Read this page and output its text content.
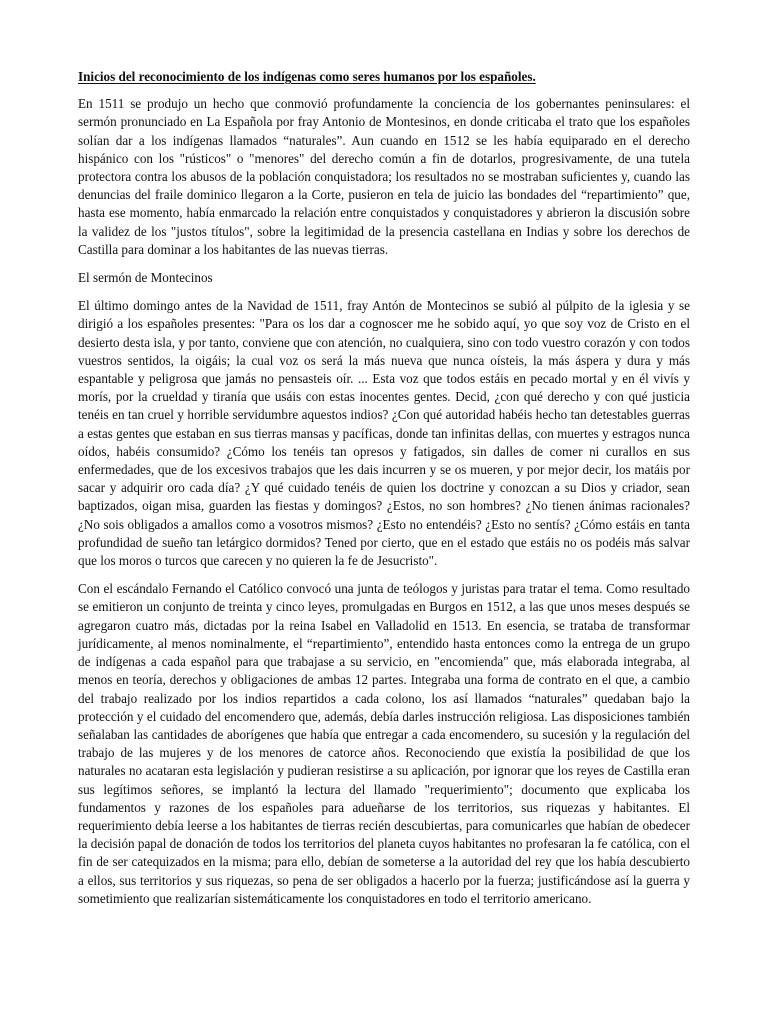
Inicios del reconocimiento de los indígenas como seres humanos por los españoles.

En 1511 se produjo un hecho que conmovió profundamente la conciencia de los gobernantes peninsulares: el sermón pronunciado en La Española por fray Antonio de Montesinos, en donde criticaba el trato que los españoles solían dar a los indígenas llamados “naturales”. Aun cuando en 1512 se les había equiparado en el derecho hispánico con los "rústicos" o "menores" del derecho común a fin de dotarlos, progresivamente, de una tutela protectora contra los abusos de la población conquistadora; los resultados no se mostraban suficientes y, cuando las denuncias del fraile dominico llegaron a la Corte, pusieron en tela de juicio las bondades del “repartimiento” que, hasta ese momento, había enmarcado la relación entre conquistados y conquistadores y abrieron la discusión sobre la validez de los "justos títulos", sobre la legitimidad de la presencia castellana en Indias y sobre los derechos de Castilla para dominar a los habitantes de las nuevas tierras.

El sermón de Montecinos

El último domingo antes de la Navidad de 1511, fray Antón de Montecinos se subió al púlpito de la iglesia y se dirigió a los españoles presentes: "Para os los dar a cognoscer me he sobido aquí, yo que soy voz de Cristo en el desierto desta isla, y por tanto, conviene que con atención, no cualquiera, sino con todo vuestro corazón y con todos vuestros sentidos, la oigáis; la cual voz os será la más nueva que nunca oísteis, la más áspera y dura y más espantable y peligrosa que jamás no pensasteis oír. ... Esta voz que todos estáis en pecado mortal y en él vivís y morís, por la crueldad y tiranía que usáis con estas inocentes gentes. Decid, ¿con qué derecho y con qué justicia tenéis en tan cruel y horrible servidumbre aquestos indios? ¿Con qué autoridad habéis hecho tan detestables guerras a estas gentes que estaban en sus tierras mansas y pacíficas, donde tan infinitas dellas, con muertes y estragos nunca oídos, habéis consumido? ¿Cómo los tenéis tan opresos y fatigados, sin dalles de comer ni curallos en sus enfermedades, que de los excesivos trabajos que les dais incurren y se os mueren, y por mejor decir, los matáis por sacar y adquirir oro cada día? ¿Y qué cuidado tenéis de quien los doctrine y conozcan a su Dios y criador, sean baptizados, oigan misa, guarden las fiestas y domingos? ¿Estos, no son hombres? ¿No tienen ánimas racionales? ¿No sois obligados a amallos como a vosotros mismos? ¿Esto no entendéis? ¿Esto no sentís? ¿Cómo estáis en tanta profundidad de sueño tan letárgico dormidos? Tened por cierto, que en el estado que estáis no os podéis más salvar que los moros o turcos que carecen y no quieren la fe de Jesucristo".

Con el escándalo Fernando el Católico convocó una junta de teólogos y juristas para tratar el tema. Como resultado se emitieron un conjunto de treinta y cinco leyes, promulgadas en Burgos en 1512, a las que unos meses después se agregaron cuatro más, dictadas por la reina Isabel en Valladolid en 1513. En esencia, se trataba de transformar jurídicamente, al menos nominalmente, el “repartimiento”, entendido hasta entonces como la entrega de un grupo de indígenas a cada español para que trabajase a su servicio, en "encomienda" que, más elaborada integraba, al menos en teoría, derechos y obligaciones de ambas 12 partes. Integraba una forma de contrato en el que, a cambio del trabajo realizado por los indios repartidos a cada colono, los así llamados “naturales” quedaban bajo la protección y el cuidado del encomendero que, además, debía darles instrucción religiosa. Las disposiciones también señalaban las cantidades de aborígenes que había que entregar a cada encomendero, su sucesión y la regulación del trabajo de las mujeres y de los menores de catorce años. Reconociendo que existía la posibilidad de que los naturales no acataran esta legislación y pudieran resistirse a su aplicación, por ignorar que los reyes de Castilla eran sus legítimos señores, se implantó la lectura del llamado "requerimiento"; documento que explicaba los fundamentos y razones de los españoles para adueñarse de los territorios, sus riquezas y habitantes. El requerimiento debía leerse a los habitantes de tierras recién descubiertas, para comunicarles que habían de obedecer la decisión papal de donación de todos los territorios del planeta cuyos habitantes no profesaran la fe católica, con el fin de ser catequizados en la misma; para ello, debían de someterse a la autoridad del rey que los había descubierto a ellos, sus territorios y sus riquezas, so pena de ser obligados a hacerlo por la fuerza; justificándose así la guerra y sometimiento que realizarían sistemáticamente los conquistadores en todo el territorio americano.
